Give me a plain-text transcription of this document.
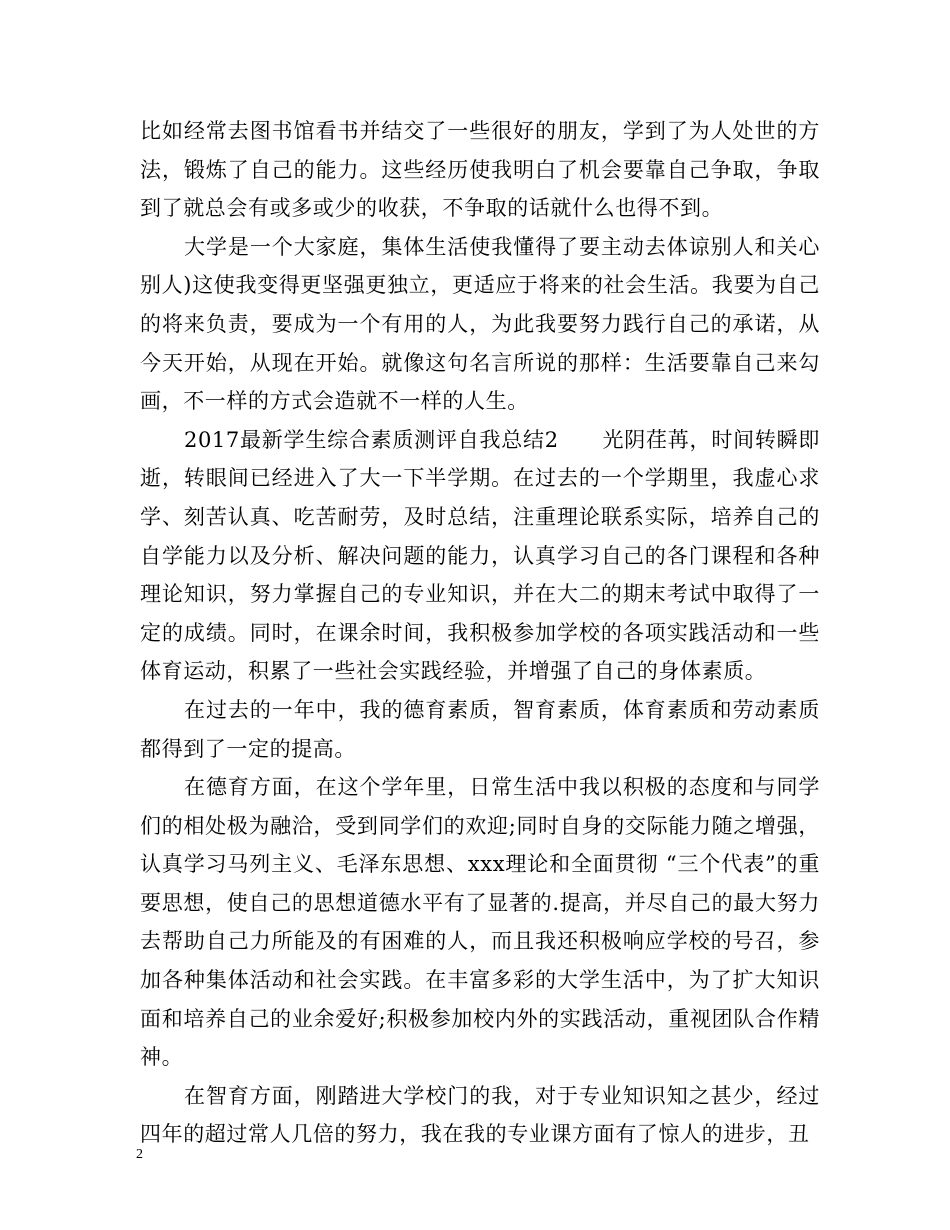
比如经常去图书馆看书并结交了一些很好的朋友，学到了为人处世的方法，锻炼了自己的能力。这些经历使我明白了机会要靠自己争取，争取到了就总会有或多或少的收获，不争取的话就什么也得不到。

大学是一个大家庭，集体生活使我懂得了要主动去体谅别人和关心别人)这使我变得更坚强更独立，更适应于将来的社会生活。我要为自己的将来负责，要成为一个有用的人，为此我要努力践行自己的承诺，从今天开始，从现在开始。就像这句名言所说的那样：生活要靠自己来勾画，不一样的方式会造就不一样的人生。

2017最新学生综合素质测评自我总结2　　光阴荏苒，时间转瞬即逝，转眼间已经进入了大一下半学期。在过去的一个学期里，我虚心求学、刻苦认真、吃苦耐劳，及时总结，注重理论联系实际，培养自己的自学能力以及分析、解决问题的能力，认真学习自己的各门课程和各种理论知识，努力掌握自己的专业知识，并在大二的期末考试中取得了一定的成绩。同时，在课余时间，我积极参加学校的各项实践活动和一些体育运动，积累了一些社会实践经验，并增强了自己的身体素质。

在过去的一年中，我的德育素质，智育素质，体育素质和劳动素质都得到了一定的提高。

在德育方面，在这个学年里，日常生活中我以积极的态度和与同学们的相处极为融洽，受到同学们的欢迎;同时自身的交际能力随之增强，认真学习马列主义、毛泽东思想、xxx理论和全面贯彻 “三个代表”的重要思想，使自己的思想道德水平有了显著的.提高，并尽自己的最大努力去帮助自己力所能及的有困难的人，而且我还积极响应学校的号召，参加各种集体活动和社会实践。在丰富多彩的大学生活中，为了扩大知识面和培养自己的业余爱好;积极参加校内外的实践活动，重视团队合作精神。

在智育方面，刚踏进大学校门的我，对于专业知识知之甚少，经过四年的超过常人几倍的努力，我在我的专业课方面有了惊人的进步，丑

2
